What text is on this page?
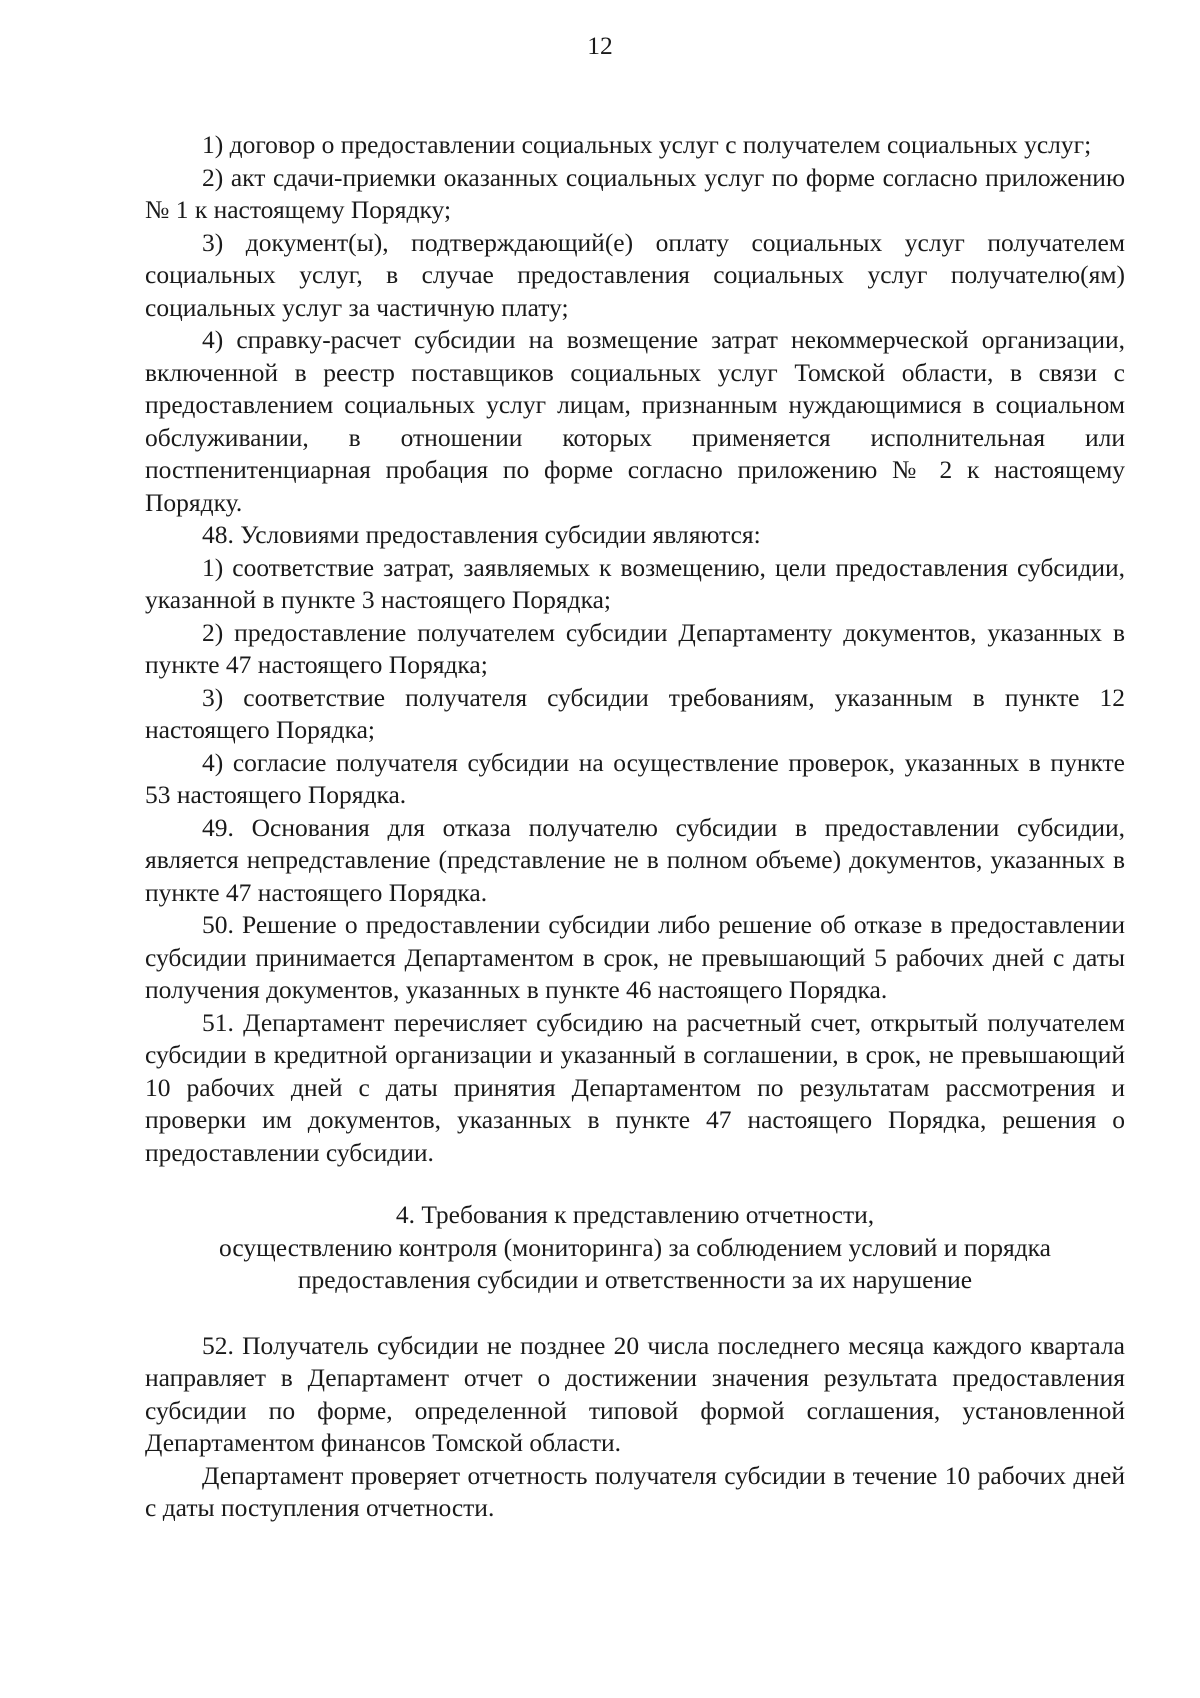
12

1) договор о предоставлении социальных услуг с получателем социальных услуг;

2) акт сдачи-приемки оказанных социальных услуг по форме согласно приложению № 1 к настоящему Порядку;

3) документ(ы), подтверждающий(е) оплату социальных услуг получателем социальных услуг, в случае предоставления социальных услуг получателю(ям) социальных услуг за частичную плату;

4) справку-расчет субсидии на возмещение затрат некоммерческой организации, включенной в реестр поставщиков социальных услуг Томской области, в связи с предоставлением социальных услуг лицам, признанным нуждающимися в социальном обслуживании, в отношении которых применяется исполнительная или постпенитенциарная пробация по форме согласно приложению № 2 к настоящему Порядку.

48. Условиями предоставления субсидии являются:

1) соответствие затрат, заявляемых к возмещению, цели предоставления субсидии, указанной в пункте 3 настоящего Порядка;

2) предоставление получателем субсидии Департаменту документов, указанных в пункте 47 настоящего Порядка;

3) соответствие получателя субсидии требованиям, указанным в пункте 12 настоящего Порядка;

4) согласие получателя субсидии на осуществление проверок, указанных в пункте 53 настоящего Порядка.

49. Основания для отказа получателю субсидии в предоставлении субсидии, является непредставление (представление не в полном объеме) документов, указанных в пункте 47 настоящего Порядка.

50. Решение о предоставлении субсидии либо решение об отказе в предоставлении субсидии принимается Департаментом в срок, не превышающий 5 рабочих дней с даты получения документов, указанных в пункте 46 настоящего Порядка.

51. Департамент перечисляет субсидию на расчетный счет, открытый получателем субсидии в кредитной организации и указанный в соглашении, в срок, не превышающий 10 рабочих дней с даты принятия Департаментом по результатам рассмотрения и проверки им документов, указанных в пункте 47 настоящего Порядка, решения о предоставлении субсидии.

4. Требования к представлению отчетности,
осуществлению контроля (мониторинга) за соблюдением условий и порядка
предоставления субсидии и ответственности за их нарушение

52. Получатель субсидии не позднее 20 числа последнего месяца каждого квартала направляет в Департамент отчет о достижении значения результата предоставления субсидии по форме, определенной типовой формой соглашения, установленной Департаментом финансов Томской области.

Департамент проверяет отчетность получателя субсидии в течение 10 рабочих дней с даты поступления отчетности.
